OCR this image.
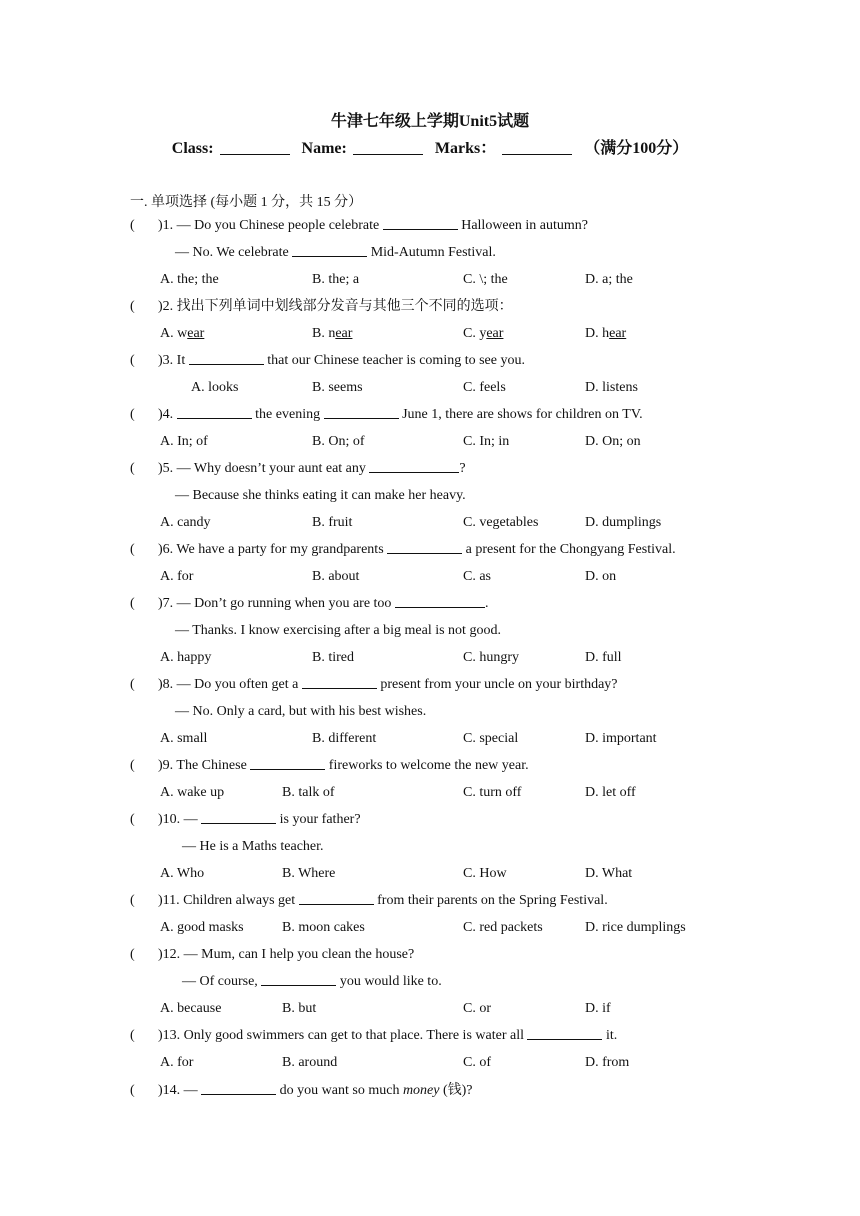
牛津七年级上学期Unit5试题
Class:	Name:	Marks：	（满分100分）
一. 单项选择 (每小题 1 分，共 15 分）
( )1. — Do you Chinese people celebrate	Halloween in autumn?
— No. We celebrate	Mid-Autumn Festival.
A. the; the	B. the; a	C. \; the	D. a; the
( )2. 找出下列单词中划线部分发音与其他三个不同的选项：
A. wear	B. near	C. year	D. hear
( )3. It	that our Chinese teacher is coming to see you.
A. looks	B. seems	C. feels	D. listens
( )4.	the evening	June 1, there are shows for children on TV.
A. In; of	B. On; of	C. In; in	D. On; on
( )5. — Why doesn’t your aunt eat any	?
— Because she thinks eating it can make her heavy.
A. candy	B. fruit	C. vegetables	D. dumplings
( )6. We have a party for my grandparents	a present for the Chongyang Festival.
A. for	B. about	C. as	D. on
( )7. — Don’t go running when you are too	.
— Thanks. I know exercising after a big meal is not good.
A. happy	B. tired	C. hungry	D. full
( )8. — Do you often get a	present from your uncle on your birthday?
— No. Only a card, but with his best wishes.
A. small	B. different	C. special	D. important
( )9. The Chinese	fireworks to welcome the new year.
A. wake up	B. talk of	C. turn off	D. let off
( )10. —	is your father?
— He is a Maths teacher.
A. Who	B. Where	C. How	D. What
( )11. Children always get	from their parents on the Spring Festival.
A. good masks	B. moon cakes	C. red packets	D. rice dumplings
( )12. — Mum, can I help you clean the house?
— Of course,	you would like to.
A. because	B. but	C. or	D. if
( )13. Only good swimmers can get to that place. There is water all	it.
A. for	B. around	C. of	D. from
( )14. —	do you want so much money (钱)?
